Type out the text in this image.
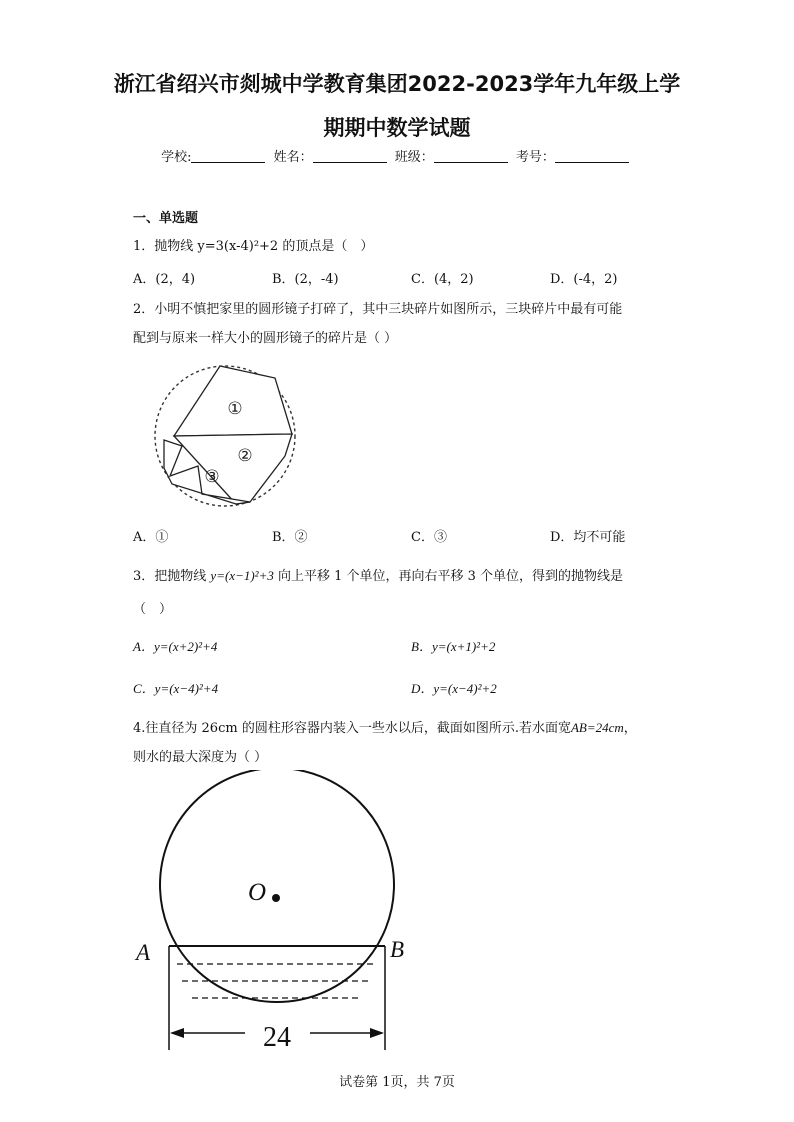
浙江省绍兴市剡城中学教育集团2022-2023学年九年级上学
期期中数学试题
学校:	姓名：	班级：	考号：
一、单选题
1．抛物线 y=3(x-4)²+2 的顶点是（　）
A．(2，4)	B．(2，-4)	C．(4，2)	D．(-4，2)
2．小明不慎把家里的圆形镜子打碎了，其中三块碎片如图所示，三块碎片中最有可能
配到与原来一样大小的圆形镜子的碎片是（ ）
①
②
③
A．①	B．②	C．③	D．均不可能
3．把抛物线 y=(x−1)²+3 向上平移 1 个单位，再向右平移 3 个单位，得到的抛物线是
（　）
A．y=(x+2)²+4	B．y=(x+1)²+2
C．y=(x−4)²+4	D．y=(x−4)²+2
4.往直径为 26cm 的圆柱形容器内装入一些水以后，截面如图所示.若水面宽AB=24cm，
则水的最大深度为（ ）
O
A	B
24
试卷第 1页，共 7页
